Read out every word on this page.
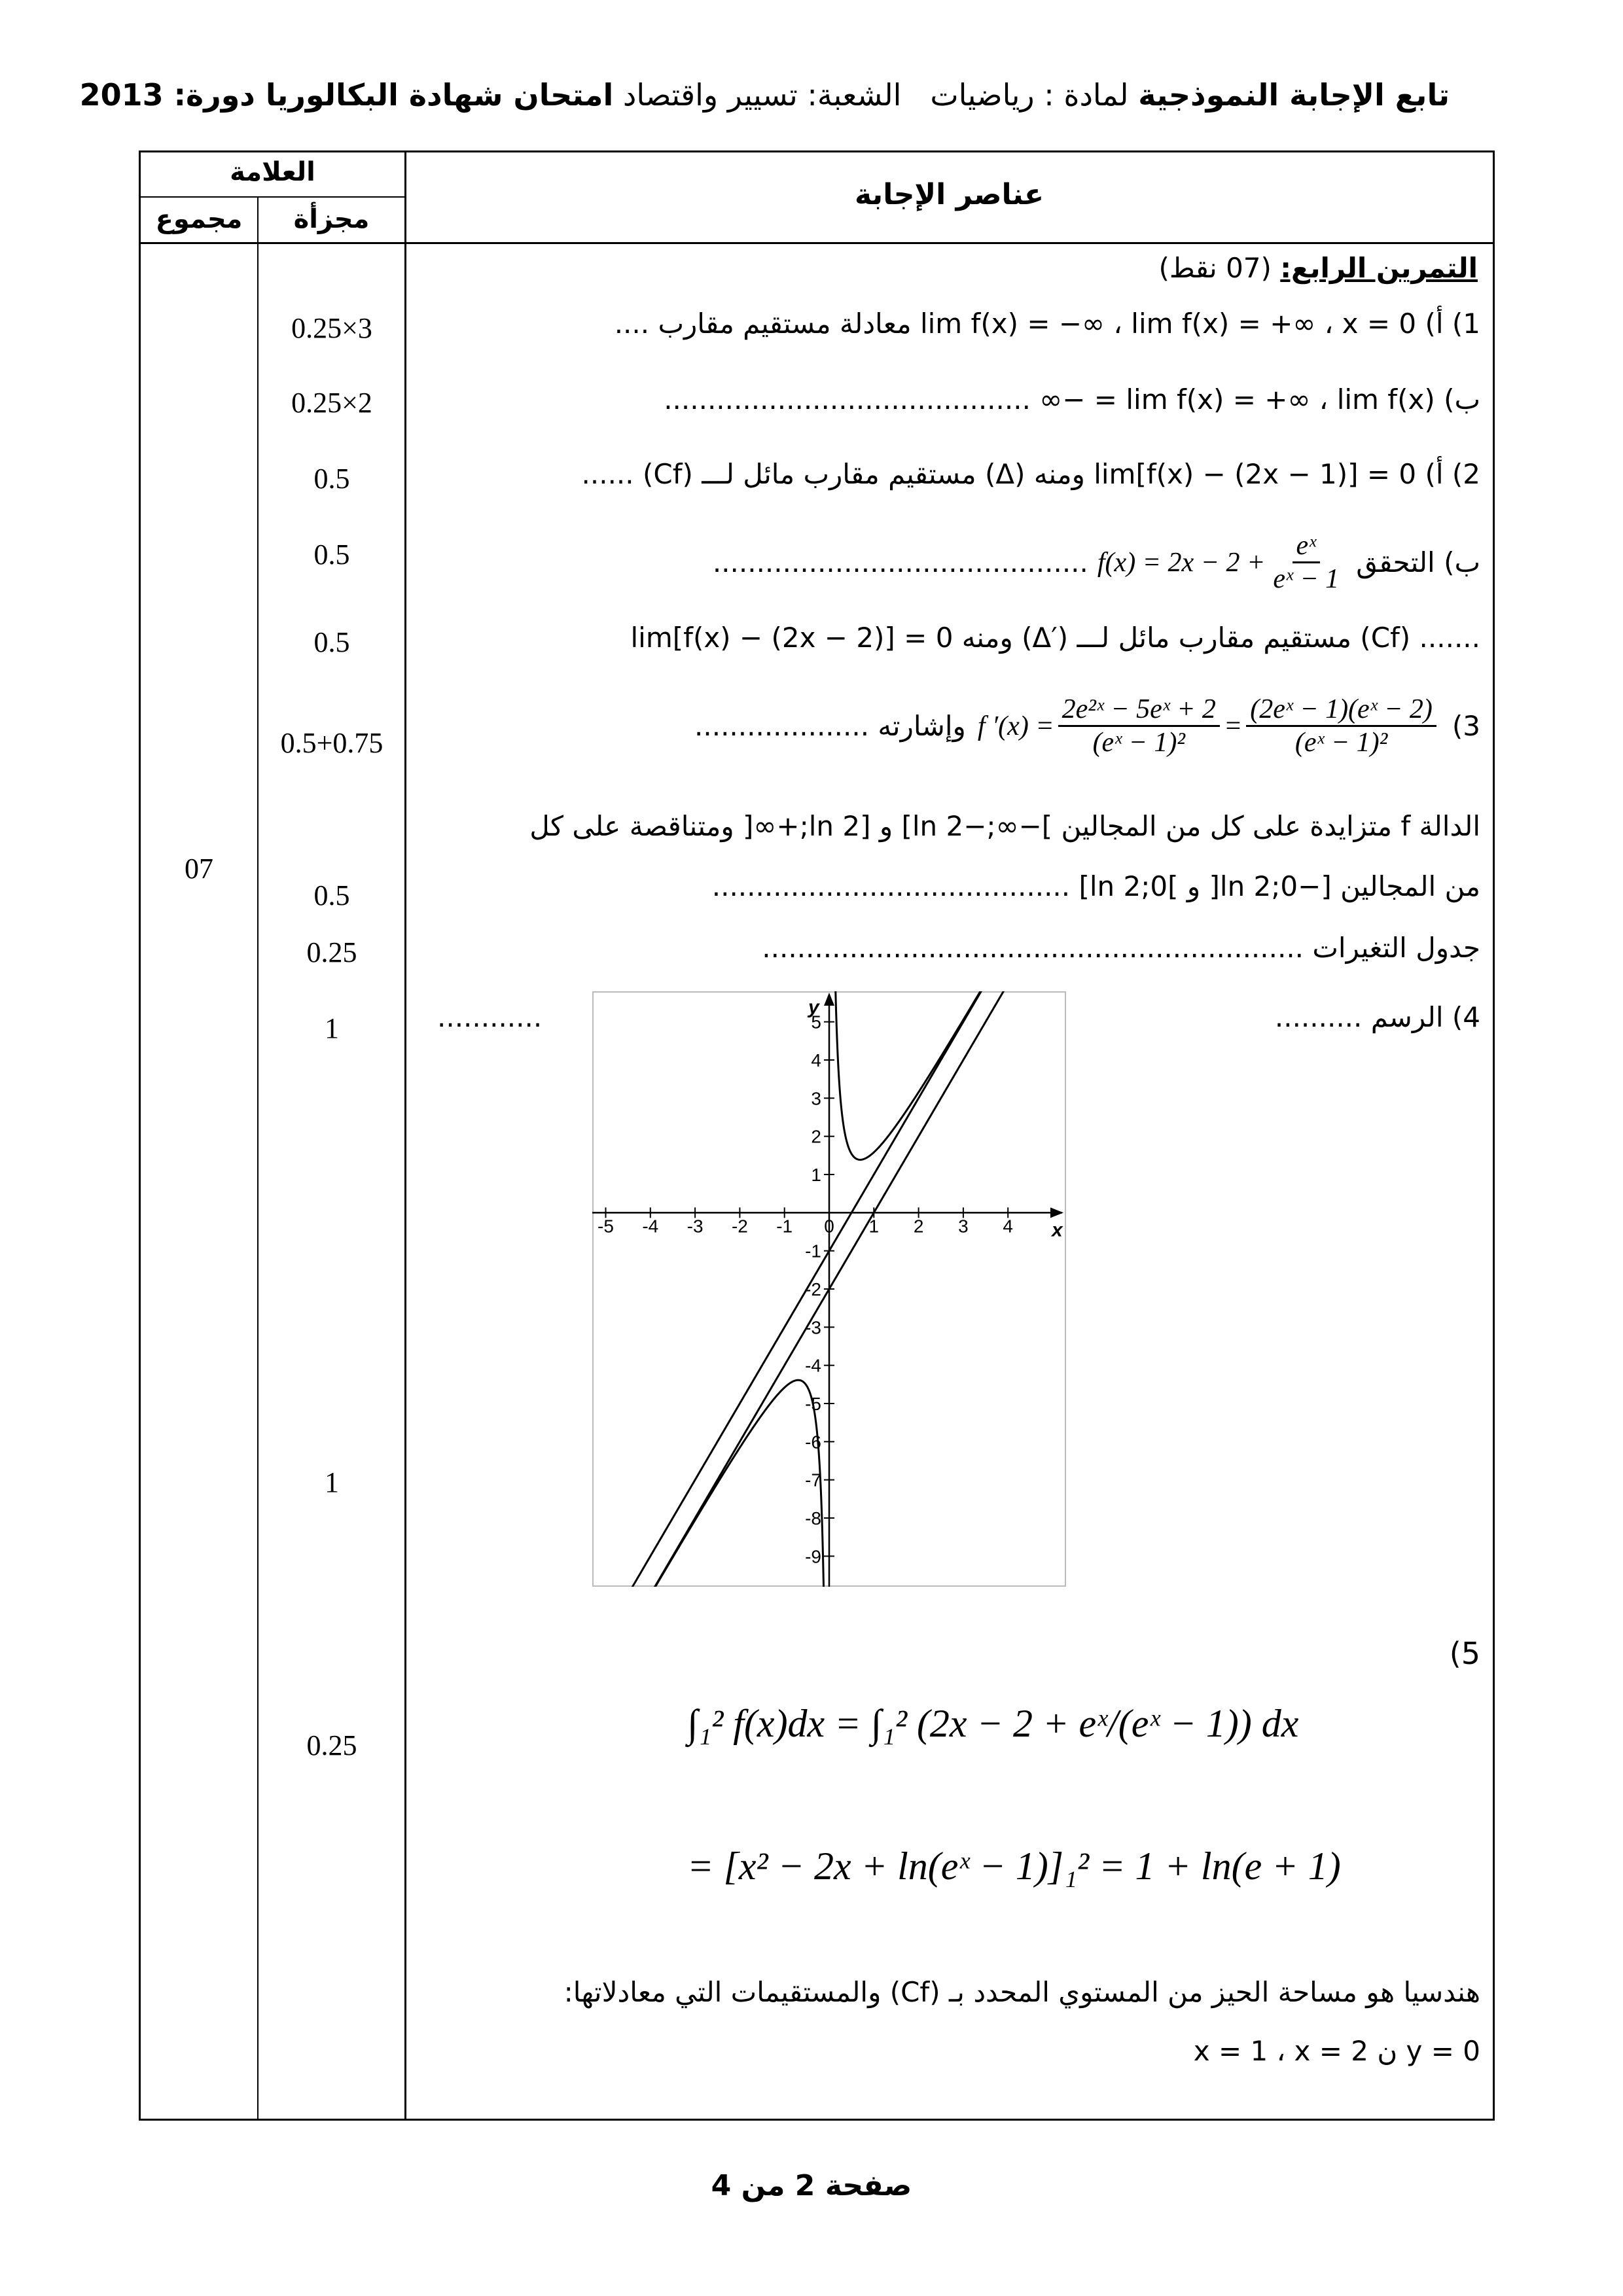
تابع الإجابة النموذجية لمادة : رياضيات   الشعبة: تسيير واقتصاد امتحان شهادة البكالوريا دورة: 2013
العلامة
عناصر الإجابة
مجزأة
مجموع
07
0.25×3
0.25×2
0.5
0.5
0.5
0.5+0.75
0.5
0.25
1
1
0.25
التمرين الرابع: (07 نقط)
1) أ) lim f(x) = −∞ ، lim f(x) = +∞ ، x = 0 معادلة مستقيم مقارب ....
ب) lim f(x) = +∞ ، lim f(x) = −∞ ..........................................
2) أ) lim[f(x) − (2x − 1)] = 0 ومنه (Δ) مستقيم مقارب مائل لـــ (Cf) ......
ب) التحقق
$f(x) = 2x - 2 + \frac{\text{eˣ}}{\text{eˣ − 1}}$
...........................................
lim[f(x) − (2x − 2)] = 0 ومنه (Δ′) مستقيم مقارب مائل لـــ (Cf) .......
3)
f $'(x) = \frac{\text{2e²ˣ − 5eˣ + 2}}{\text{(eˣ − 1)²}} = \frac{\text{(2eˣ − 1)(eˣ − 2)}}{\text{(eˣ − 1)²}}$
وإشارته ....................
الدالة f متزايدة على كل من المجالين ]−∞;−ln 2] و [ln 2;+∞[ ومتناقصة على كل
من المجالين [−ln 2;0[ و ]0;ln 2] .........................................
جدول التغيرات ..............................................................
4) الرسم ..........
............
-5 -4 -3 -2 -1 0 1 2 3 4
5
4
3
2
1
-1
-2
-3
-4
-5
-6
-7
-8
-9
x
y
(5
∫₁² f(x)dx = ∫₁² (2x − 2 + eˣ/(eˣ − 1)) dx
= [x² − 2x + ln(eˣ − 1)]₁² = 1 + ln(e + 1)
هندسيا هو مساحة الحيز من المستوي المحدد بـ (Cf) والمستقيمات التي معادلاتها:
x = 1 ، x = 2 ن y = 0
صفحة 2 من 4
